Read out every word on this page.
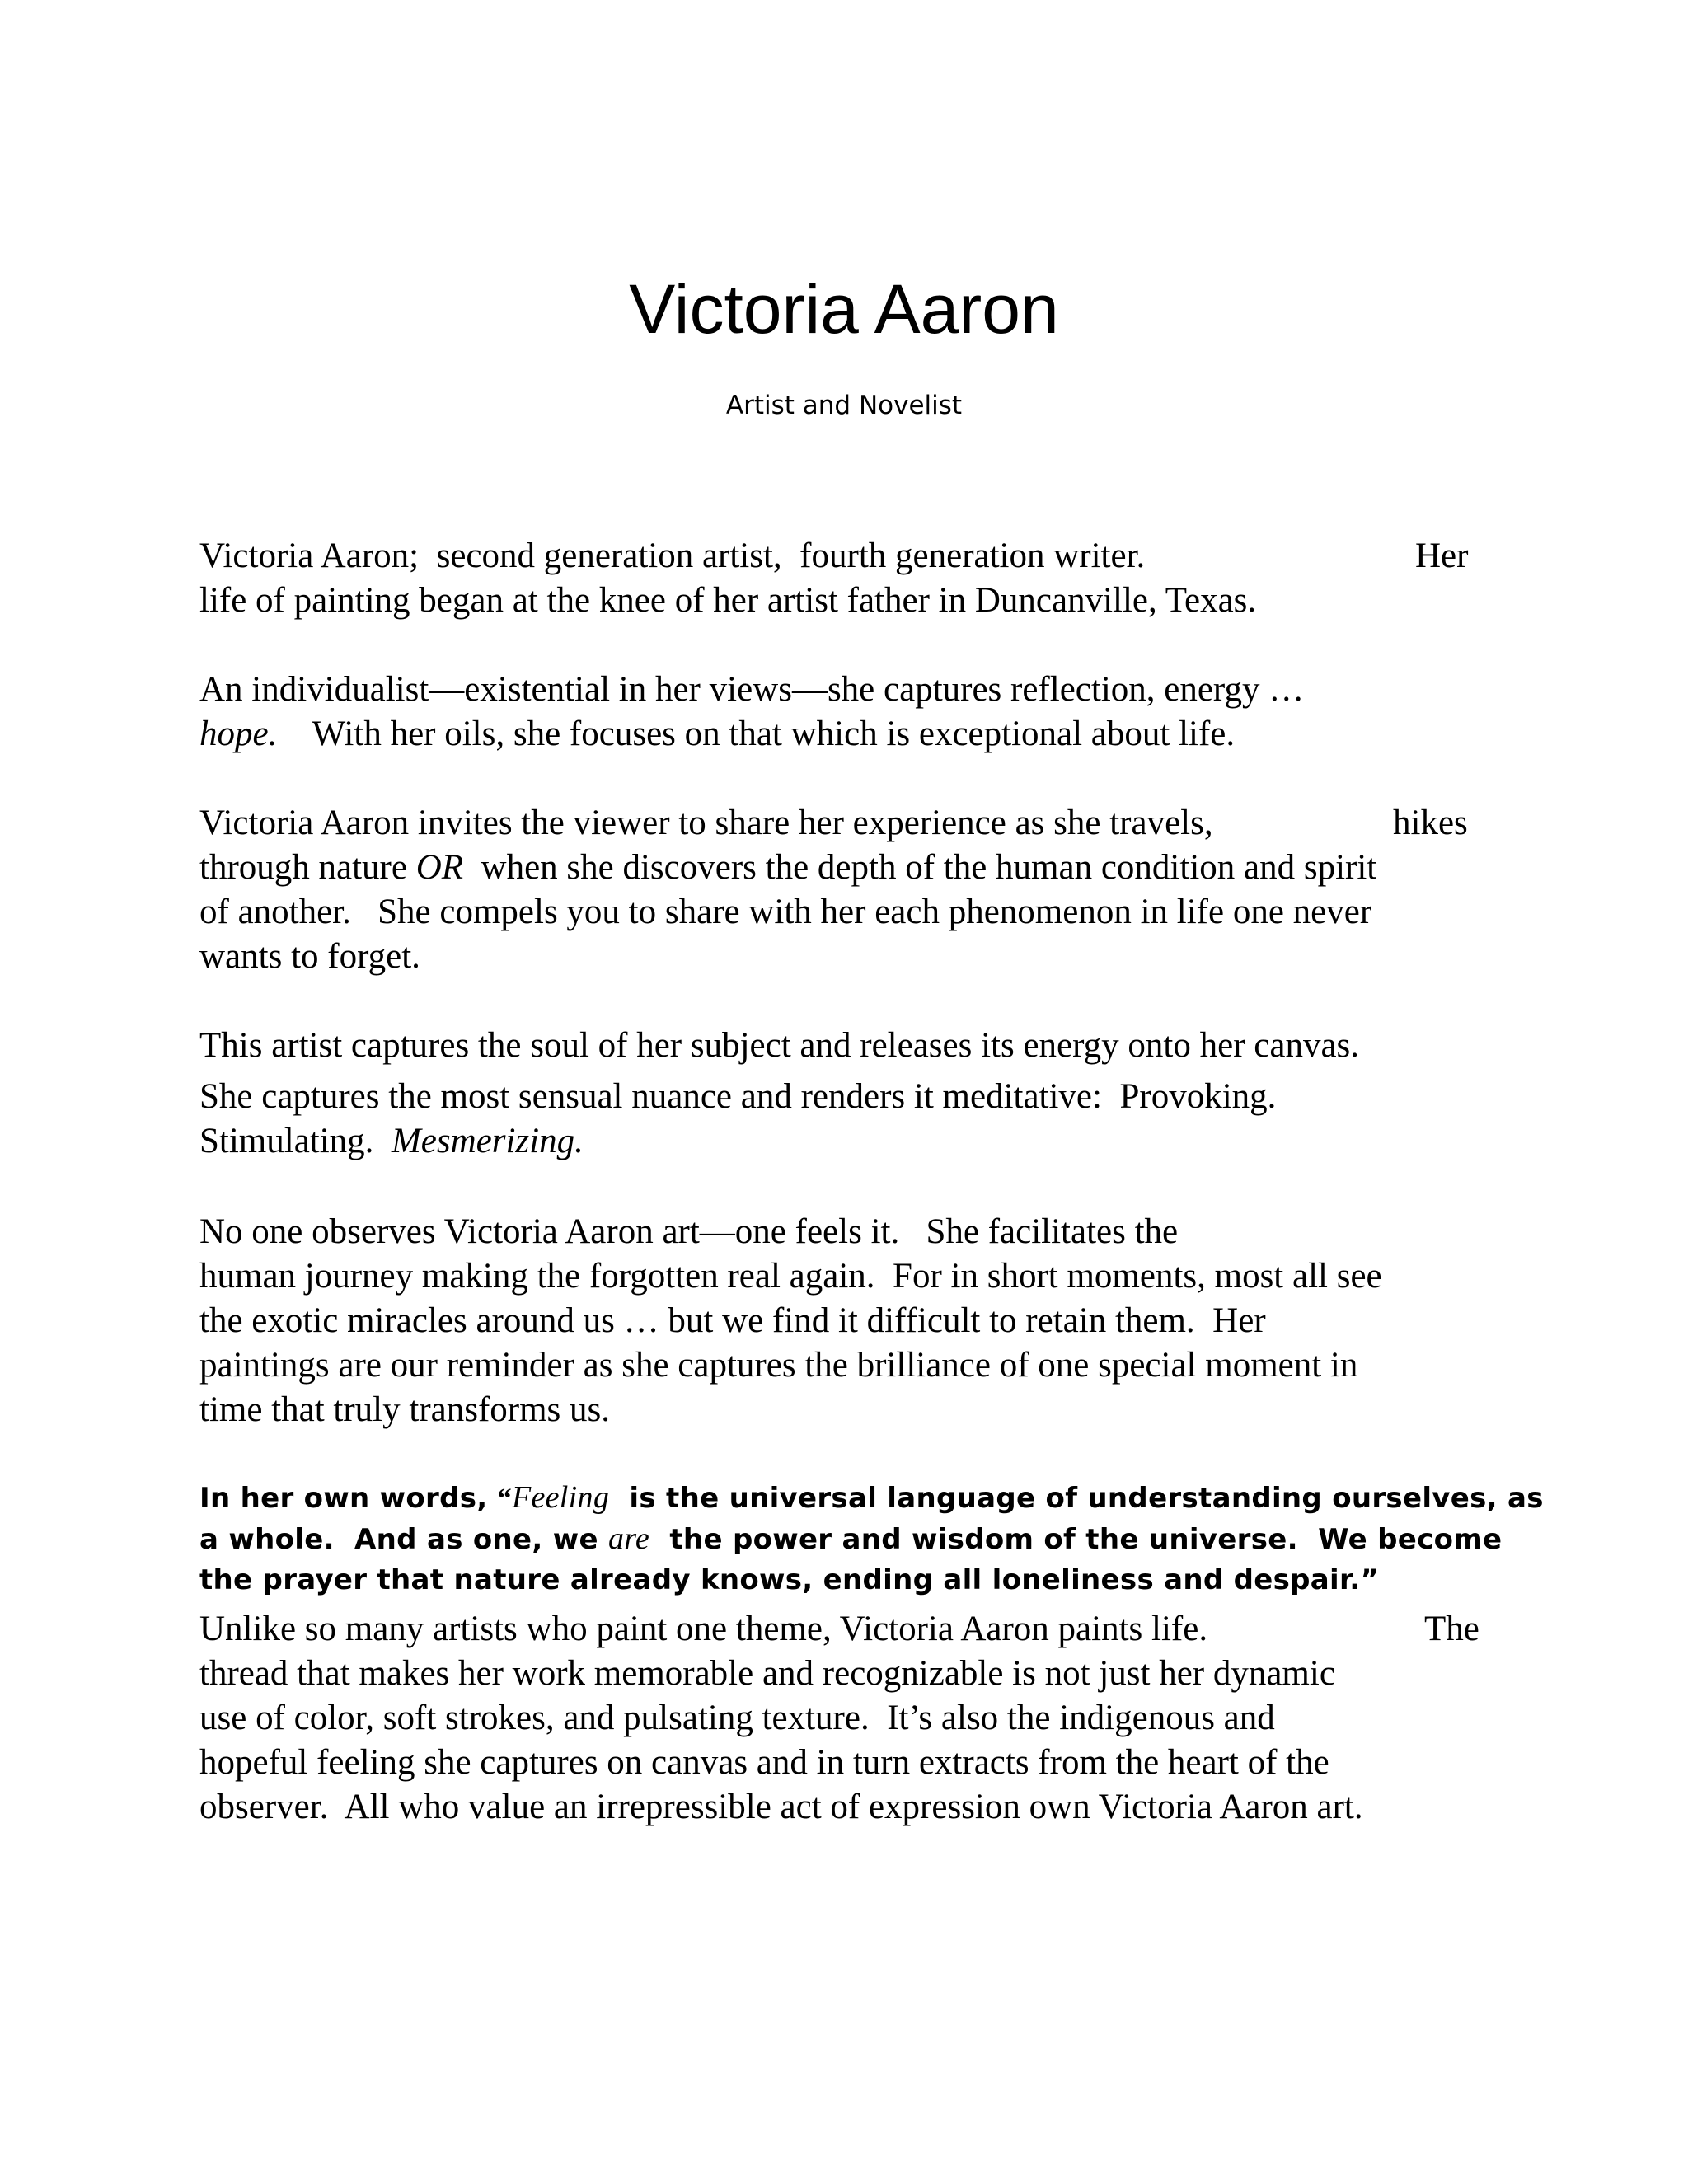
Victoria Aaron

Artist and Novelist

Victoria Aaron;  second generation artist,  fourth generation writer.	Her
life of painting began at the knee of her artist father in Duncanville, Texas.
An individualist—existential in her views—she captures reflection, energy …
hope.    With her oils, she focuses on that which is exceptional about life.
Victoria Aaron invites the viewer to share her experience as she travels,	hikes
through nature OR  when she discovers the depth of the human condition and spirit
of another.   She compels you to share with her each phenomenon in life one never
wants to forget.
This artist captures the soul of her subject and releases its energy onto her canvas.
She captures the most sensual nuance and renders it meditative:  Provoking.
Stimulating.  Mesmerizing.
No one observes Victoria Aaron art—one feels it.   She facilitates the
human journey making the forgotten real again.  For in short moments, most all see
the exotic miracles around us … but we find it difficult to retain them.  Her
paintings are our reminder as she captures the brilliance of one special moment in
time that truly transforms us.
In her own words, “Feeling  is the universal language of understanding ourselves, as
a whole.  And as one, we are  the power and wisdom of the universe.  We become
the prayer that nature already knows, ending all loneliness and despair.”
Unlike so many artists who paint one theme, Victoria Aaron paints life.	The
thread that makes her work memorable and recognizable is not just her dynamic
use of color, soft strokes, and pulsating texture.  It’s also the indigenous and
hopeful feeling she captures on canvas and in turn extracts from the heart of the
observer.  All who value an irrepressible act of expression own Victoria Aaron art.
